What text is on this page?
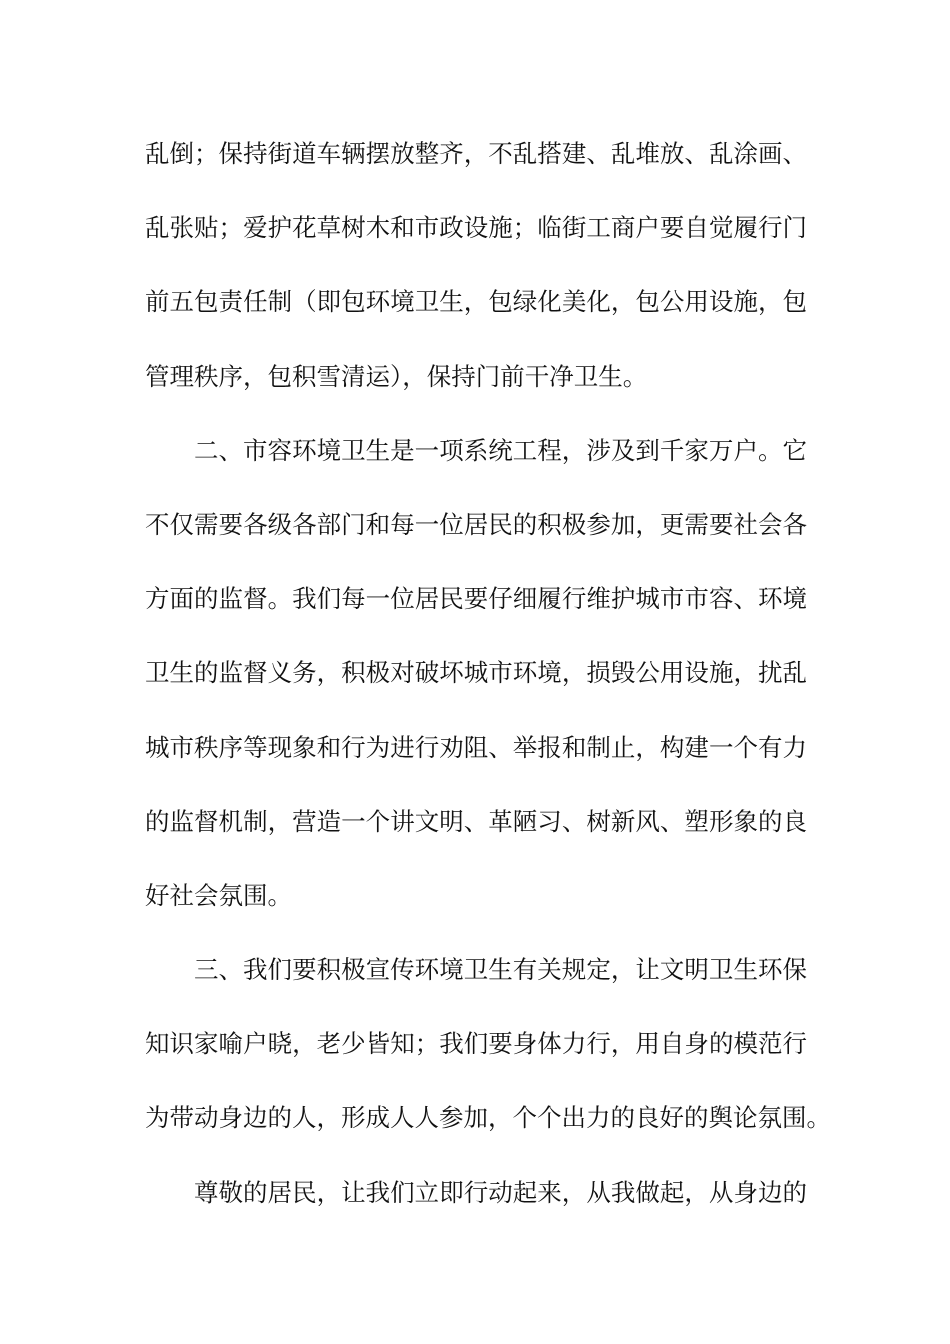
乱倒；保持街道车辆摆放整齐，不乱搭建、乱堆放、乱涂画、
乱张贴；爱护花草树木和市政设施；临街工商户要自觉履行门
前五包责任制（即包环境卫生，包绿化美化，包公用设施，包
管理秩序，包积雪清运），保持门前干净卫生。
二、市容环境卫生是一项系统工程，涉及到千家万户。它
不仅需要各级各部门和每一位居民的积极参加，更需要社会各
方面的监督。我们每一位居民要仔细履行维护城市市容、环境
卫生的监督义务，积极对破坏城市环境，损毁公用设施，扰乱
城市秩序等现象和行为进行劝阻、举报和制止，构建一个有力
的监督机制，营造一个讲文明、革陋习、树新风、塑形象的良
好社会氛围。
三、我们要积极宣传环境卫生有关规定，让文明卫生环保
知识家喻户晓，老少皆知；我们要身体力行，用自身的模范行
为带动身边的人，形成人人参加，个个出力的良好的舆论氛围。
尊敬的居民，让我们立即行动起来，从我做起，从身边的
